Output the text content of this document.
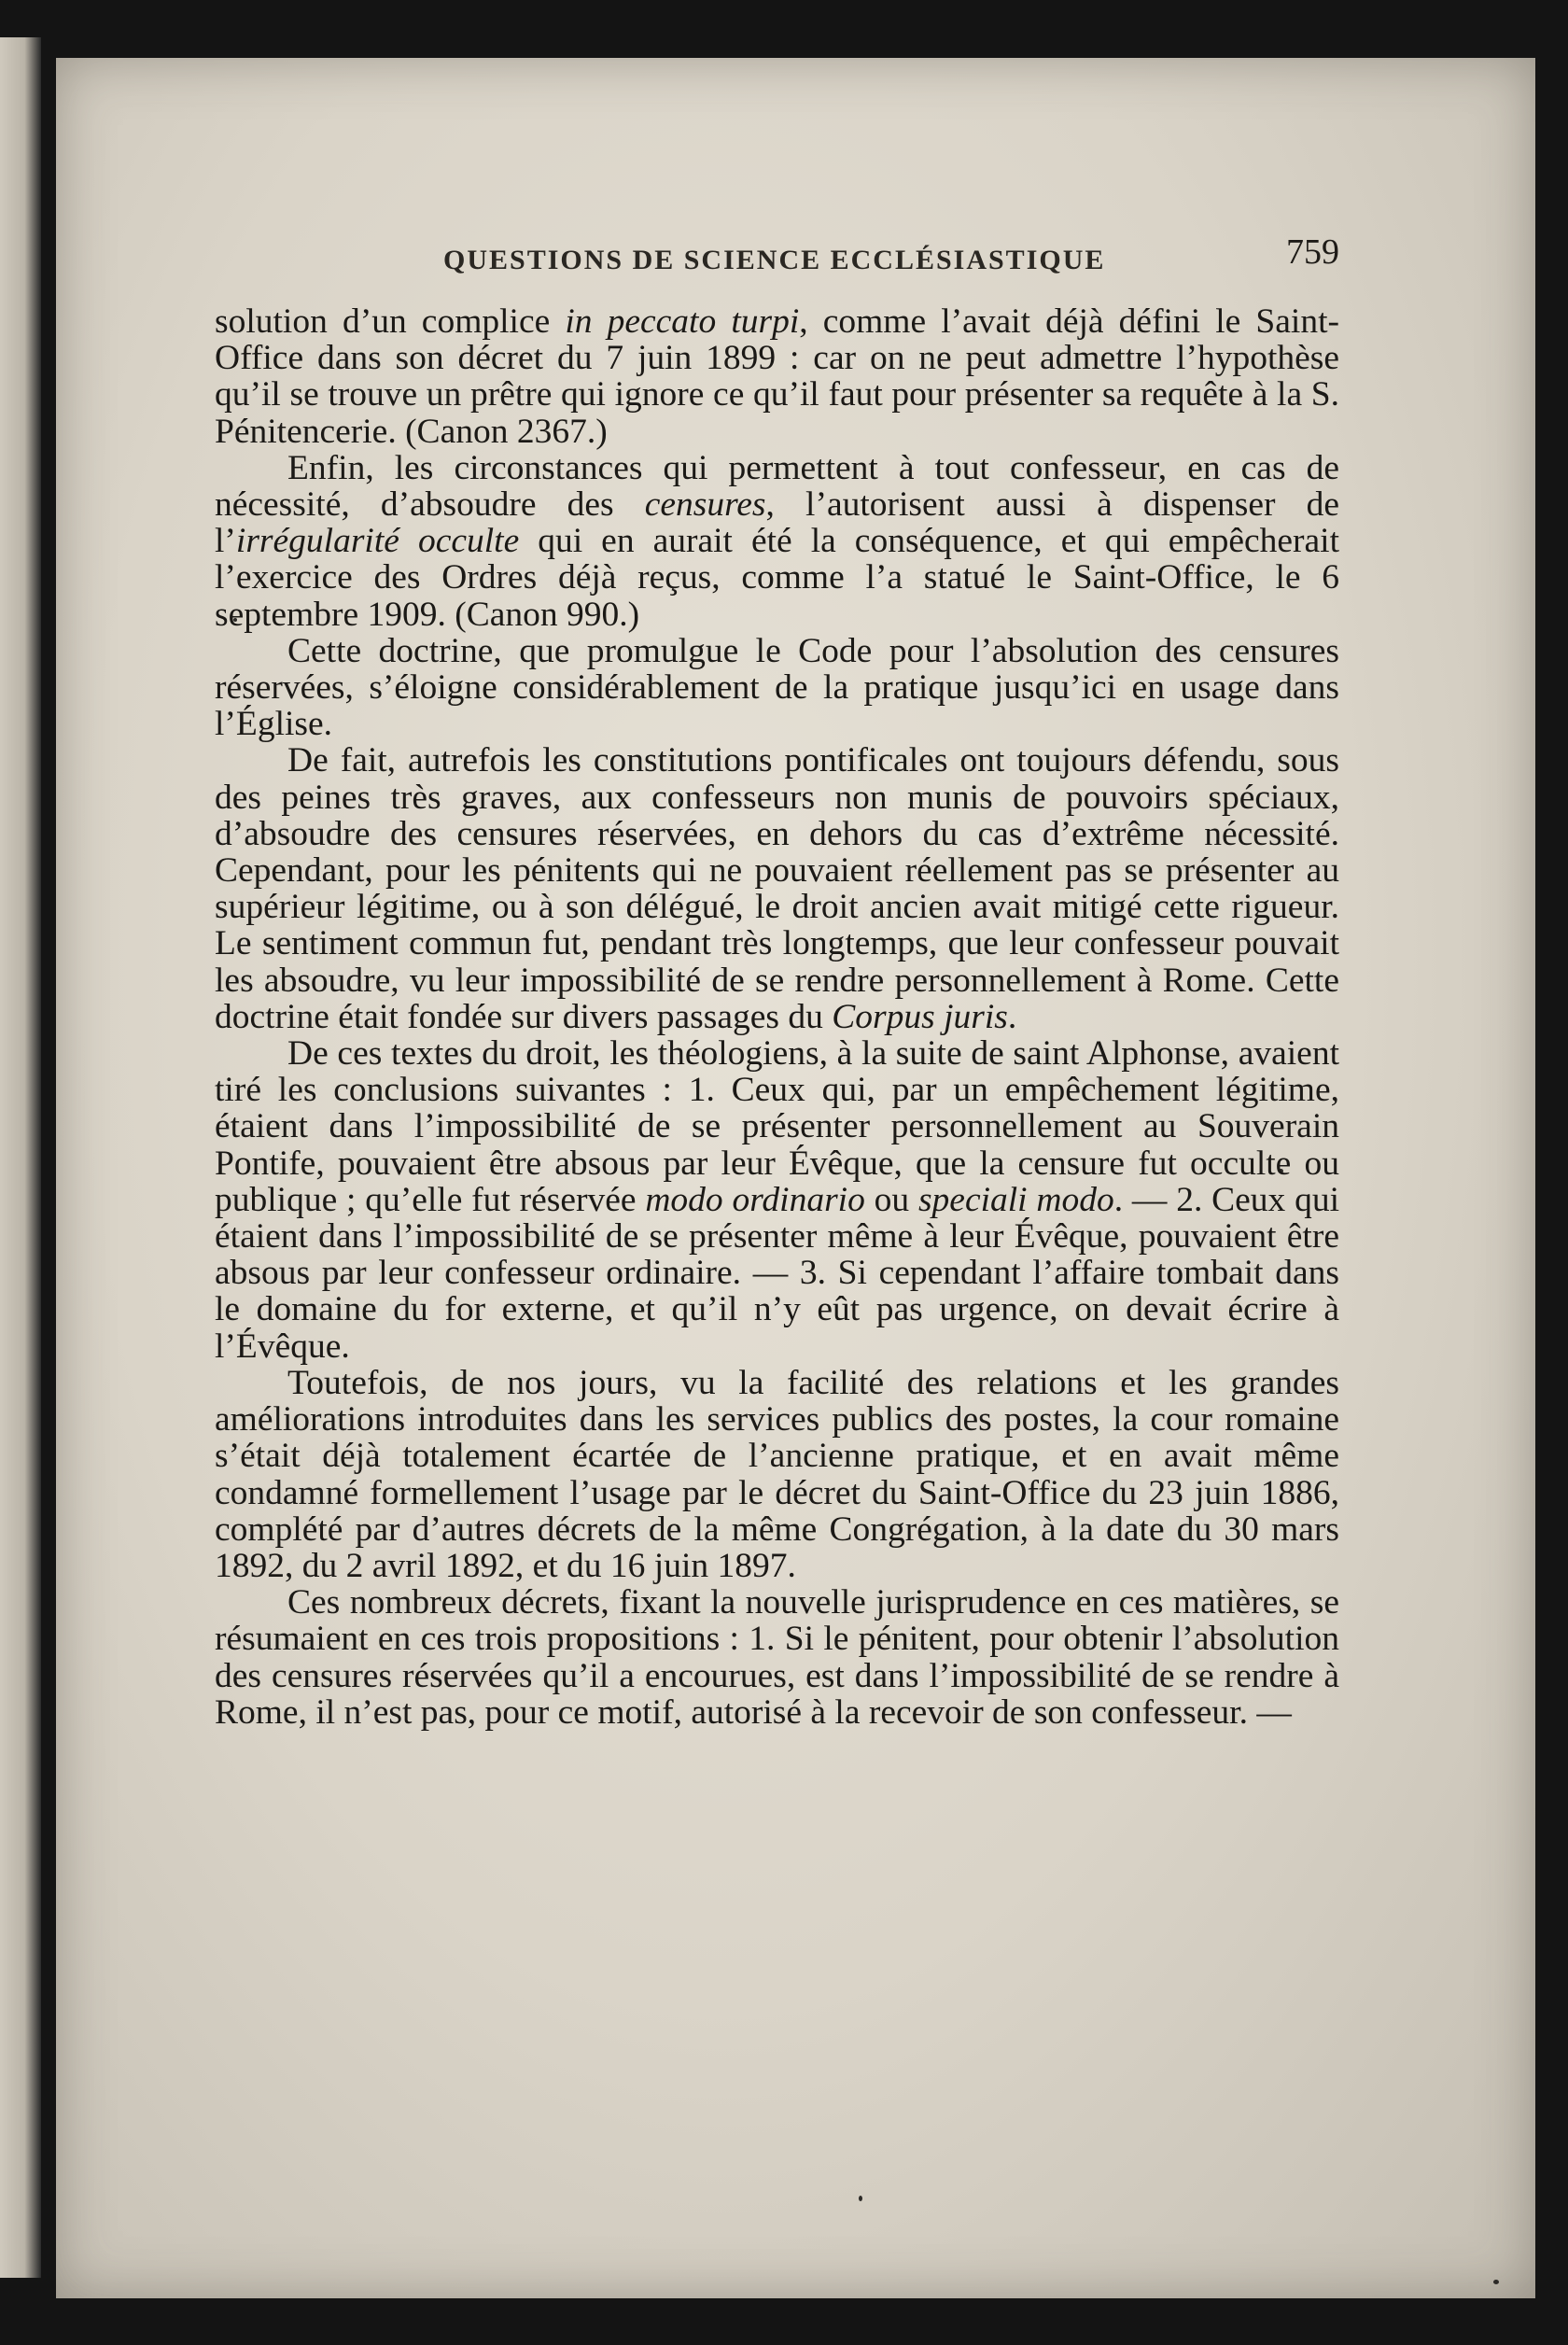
QUESTIONS DE SCIENCE ECCLÉSIASTIQUE	759

solution d’un complice in peccato turpi, comme l’avait déjà défini le Saint-Office dans son décret du 7 juin 1899 : car on ne peut admettre l’hypothèse qu’il se trouve un prêtre qui ignore ce qu’il faut pour présenter sa requête à la S. Pénitencerie. (Canon 2367.)

Enfin, les circonstances qui permettent à tout confesseur, en cas de nécessité, d’absoudre des censures, l’autorisent aussi à dispenser de l’irrégularité occulte qui en aurait été la conséquence, et qui empêcherait l’exercice des Ordres déjà reçus, comme l’a statué le Saint-Office, le 6 septembre 1909. (Canon 990.)

Cette doctrine, que promulgue le Code pour l’absolution des censures réservées, s’éloigne considérablement de la pratique jusqu’ici en usage dans l’Église.

De fait, autrefois les constitutions pontificales ont toujours défendu, sous des peines très graves, aux confesseurs non munis de pouvoirs spéciaux, d’absoudre des censures réservées, en dehors du cas d’extrême nécessité. Cependant, pour les pénitents qui ne pouvaient réellement pas se présenter au supérieur légitime, ou à son délégué, le droit ancien avait mitigé cette rigueur. Le sentiment commun fut, pendant très longtemps, que leur confesseur pouvait les absoudre, vu leur impossibilité de se rendre personnellement à Rome. Cette doctrine était fondée sur divers passages du Corpus juris.

De ces textes du droit, les théologiens, à la suite de saint Alphonse, avaient tiré les conclusions suivantes : 1. Ceux qui, par un empêchement légitime, étaient dans l’impossibilité de se présenter personnellement au Souverain Pontife, pouvaient être absous par leur Évêque, que la censure fut occulte ou publique ; qu’elle fut réservée modo ordinario ou speciali modo. — 2. Ceux qui étaient dans l’impossibilité de se présenter même à leur Évêque, pouvaient être absous par leur confesseur ordinaire. — 3. Si cependant l’affaire tombait dans le domaine du for externe, et qu’il n’y eût pas urgence, on devait écrire à l’Évêque.

Toutefois, de nos jours, vu la facilité des relations et les grandes améliorations introduites dans les services publics des postes, la cour romaine s’était déjà totalement écartée de l’ancienne pratique, et en avait même condamné formellement l’usage par le décret du Saint-Office du 23 juin 1886, complété par d’autres décrets de la même Congrégation, à la date du 30 mars 1892, du 2 avril 1892, et du 16 juin 1897.

Ces nombreux décrets, fixant la nouvelle jurisprudence en ces matières, se résumaient en ces trois propositions : 1. Si le pénitent, pour obtenir l’absolution des censures réservées qu’il a encourues, est dans l’impossibilité de se rendre à Rome, il n’est pas, pour ce motif, autorisé à la recevoir de son confesseur. —
